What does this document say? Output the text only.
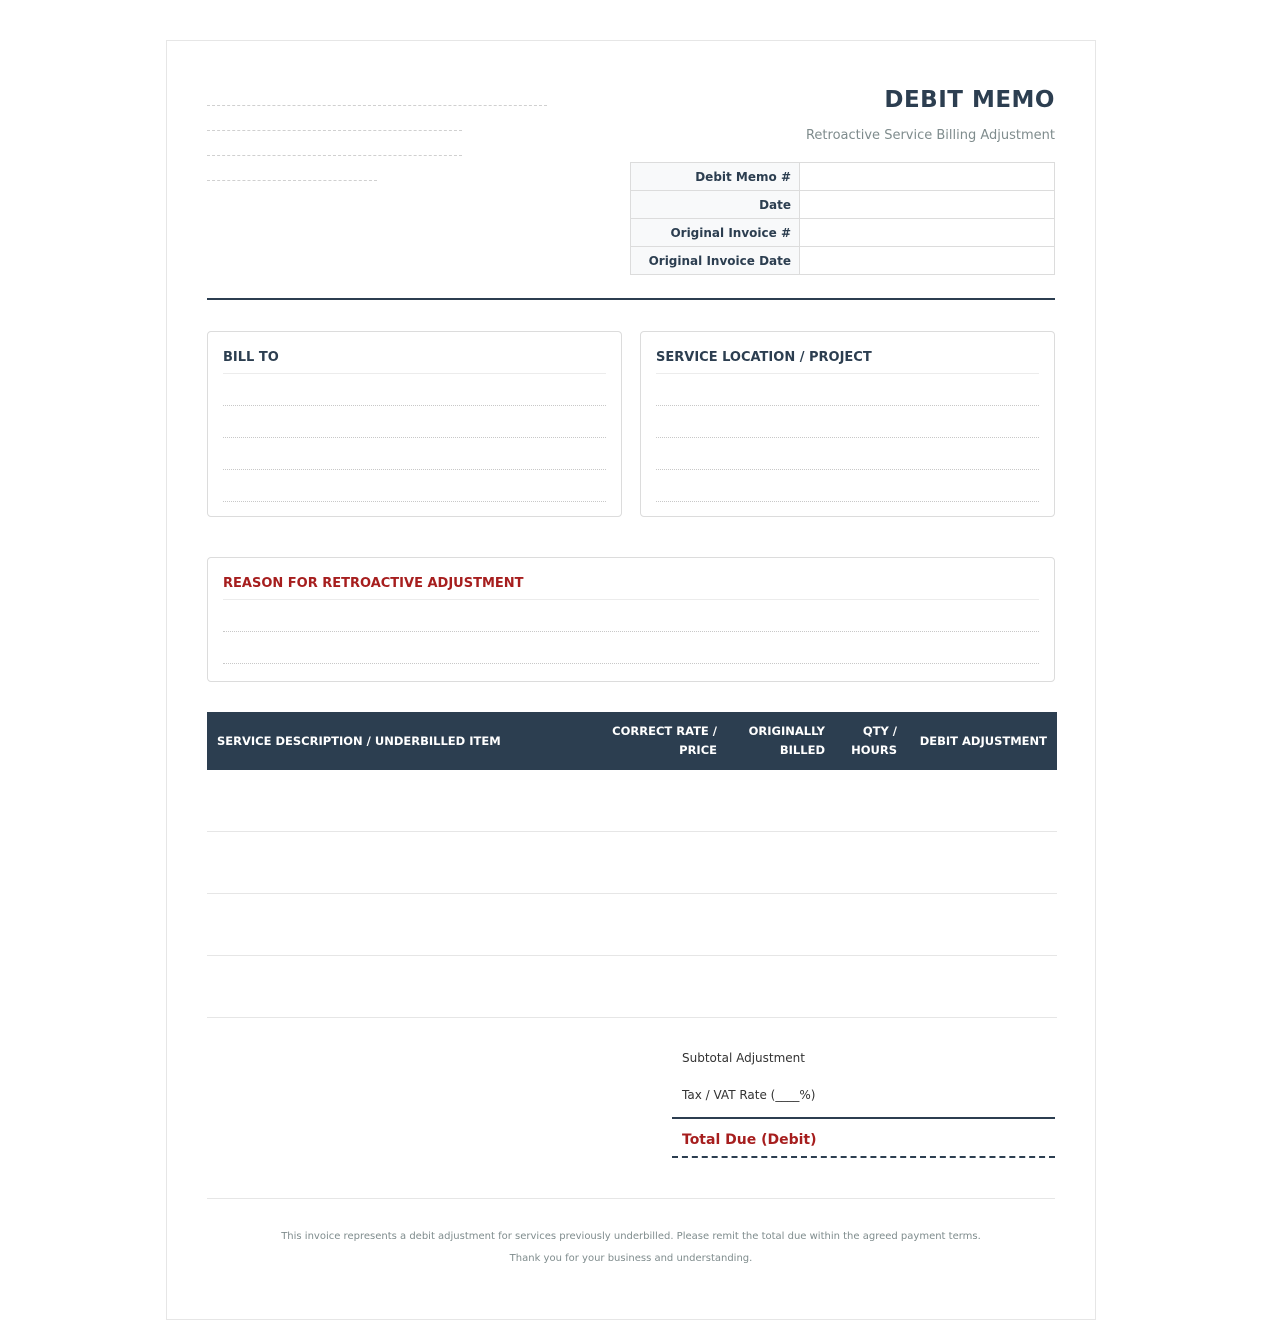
DEBIT MEMO
Retroactive Service Billing Adjustment
Debit Memo #	
Date	
Original Invoice #	
Original Invoice Date	
BILL TO	SERVICE LOCATION / PROJECT
REASON FOR RETROACTIVE ADJUSTMENT
SERVICE DESCRIPTION / UNDERBILLED ITEM	CORRECT RATE / PRICE	ORIGINALLY BILLED	QTY / HOURS	DEBIT ADJUSTMENT

Subtotal Adjustment
Tax / VAT Rate (____%)
Total Due (Debit)
This invoice represents a debit adjustment for services previously underbilled. Please remit the total due within the agreed payment terms.
Thank you for your business and understanding.
